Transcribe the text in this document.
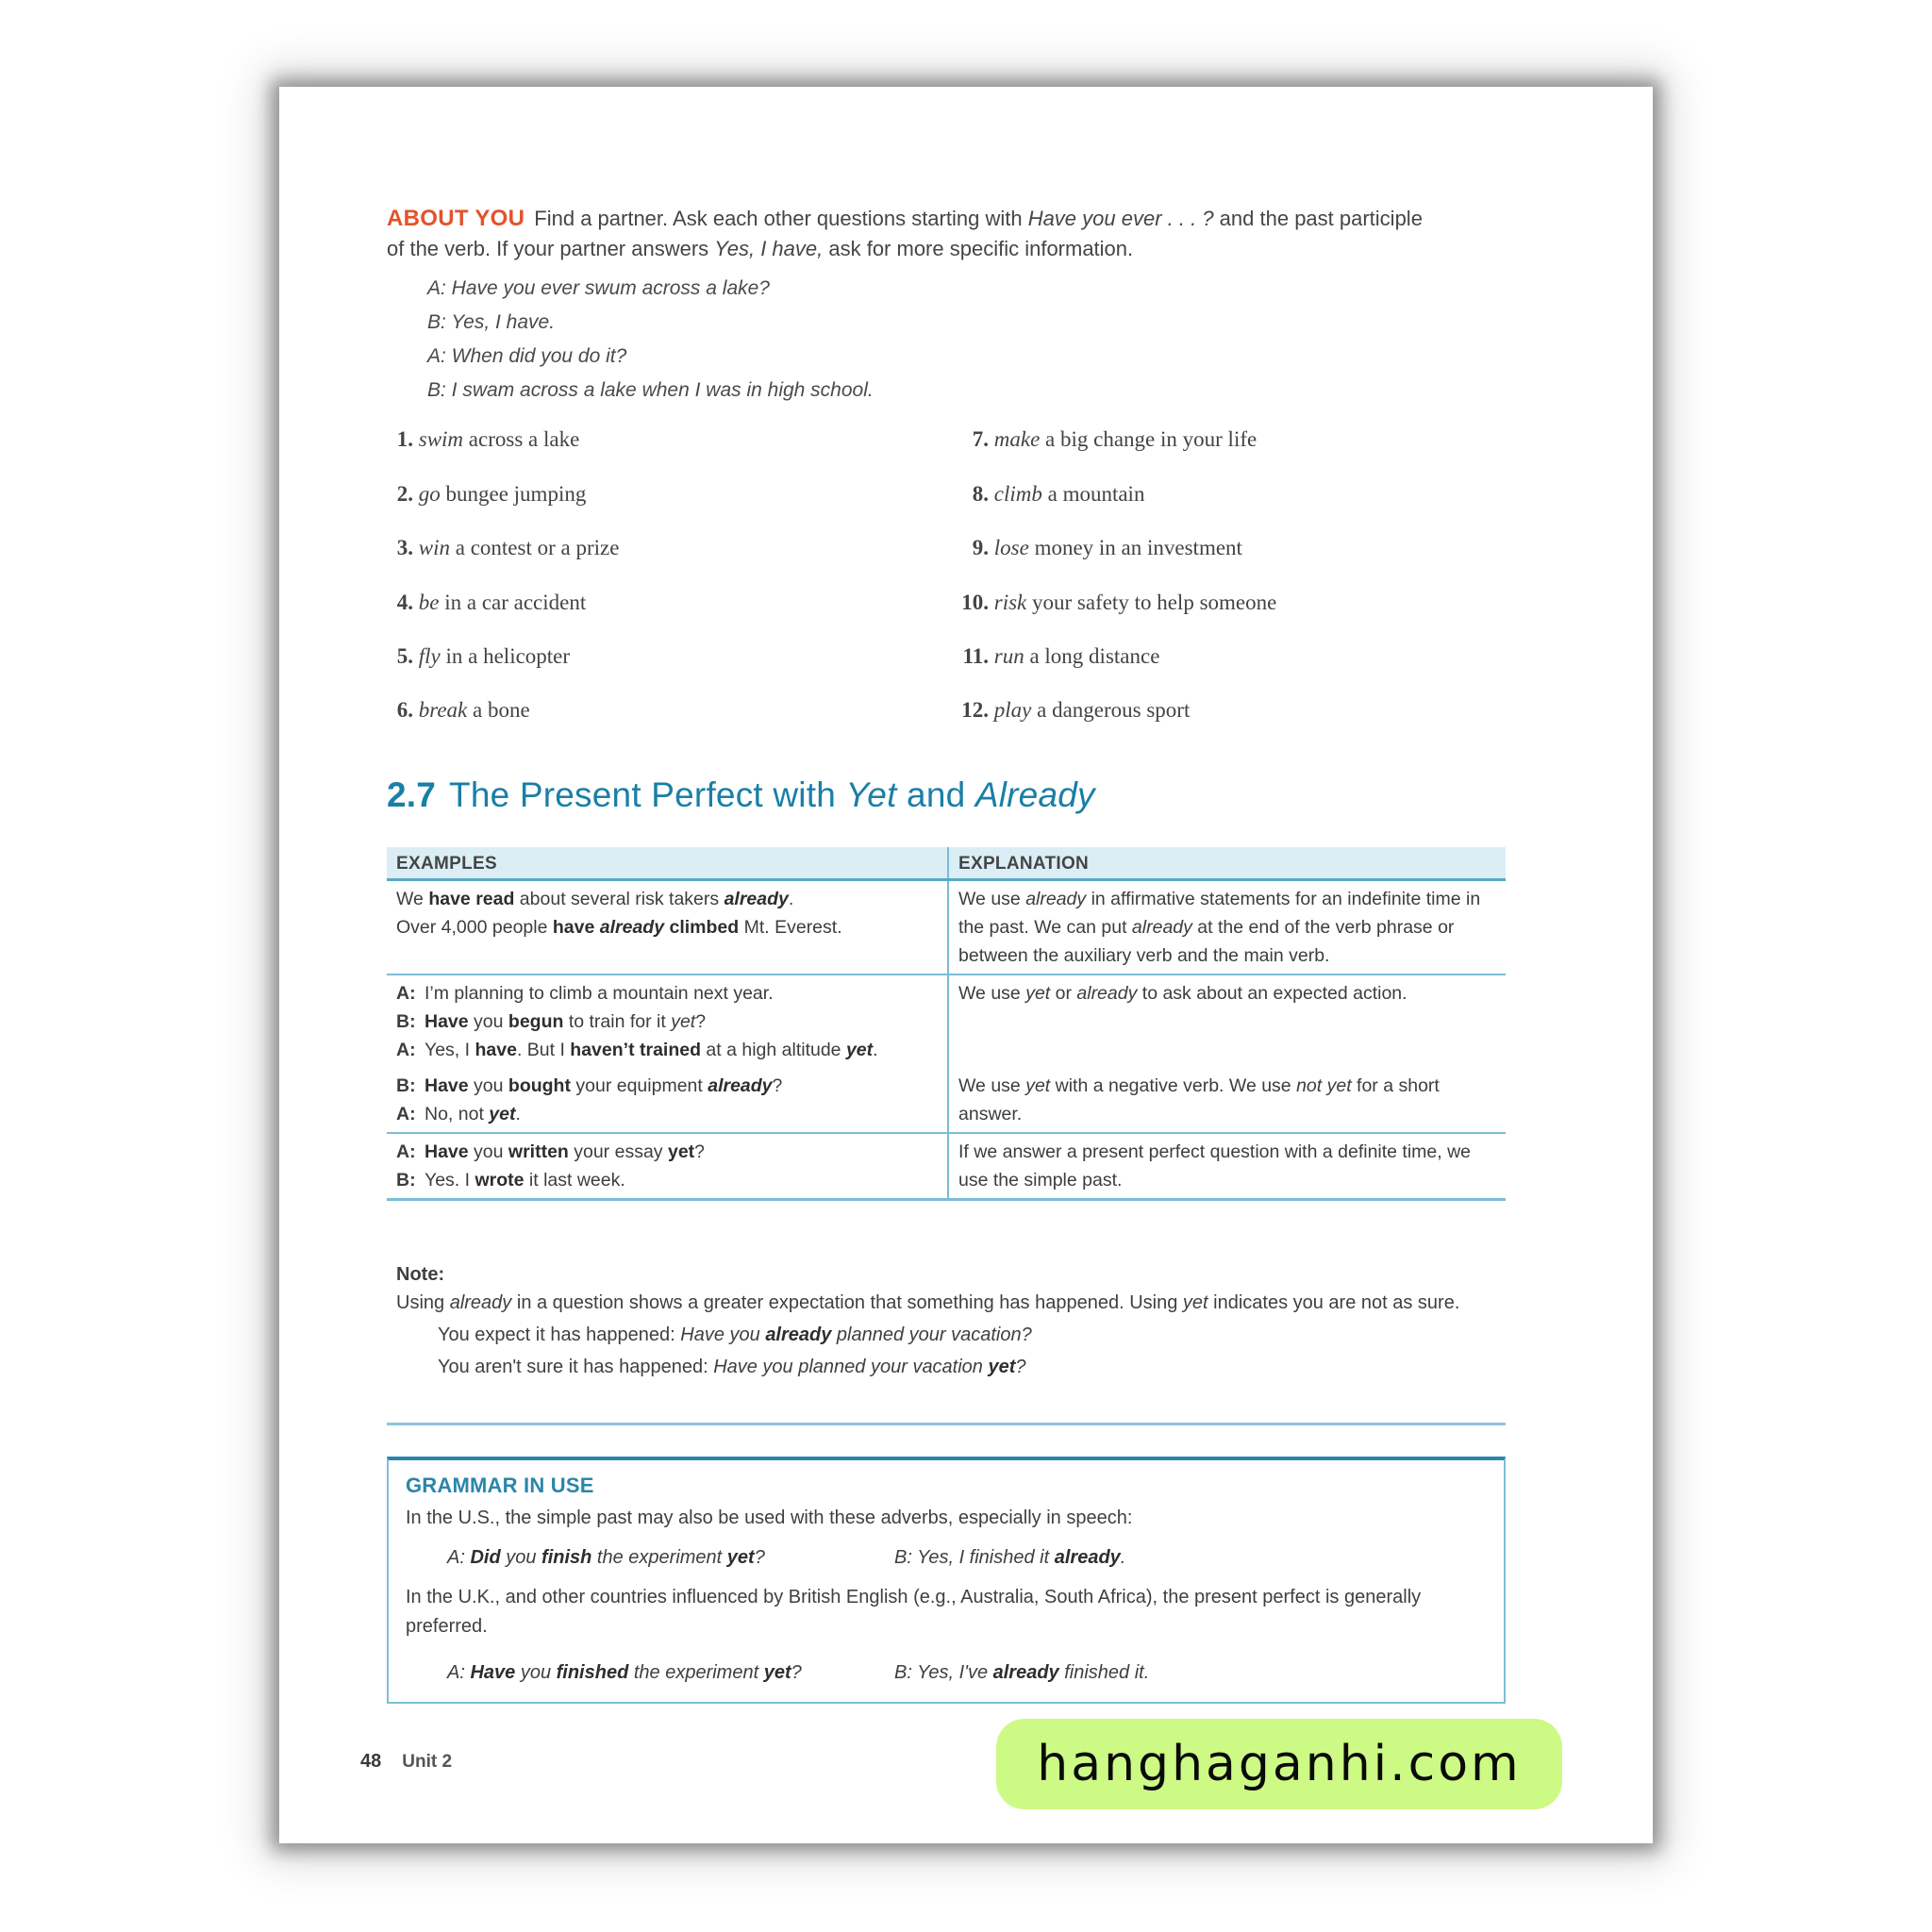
ABOUT YOU Find a partner. Ask each other questions starting with Have you ever . . . ? and the past participle of the verb. If your partner answers Yes, I have, ask for more specific information.
A: Have you ever swum across a lake?
B: Yes, I have.
A: When did you do it?
B: I swam across a lake when I was in high school.
1. swim across a lake
2. go bungee jumping
3. win a contest or a prize
4. be in a car accident
5. fly in a helicopter
6. break a bone
7. make a big change in your life
8. climb a mountain
9. lose money in an investment
10. risk your safety to help someone
11. run a long distance
12. play a dangerous sport
2.7 The Present Perfect with Yet and Already
EXAMPLES	EXPLANATION

We have read about several risk takers already.
Over 4,000 people have already climbed Mt. Everest.	We use already in affirmative statements for an indefinite time in the past. We can put already at the end of the verb phrase or between the auxiliary verb and the main verb.

A: I’m planning to climb a mountain next year.
B: Have you begun to train for it yet?
A: Yes, I have. But I haven’t trained at a high altitude yet.	We use yet or already to ask about an expected action.

B: Have you bought your equipment already?
A: No, not yet.	We use yet with a negative verb. We use not yet for a short answer.

A: Have you written your essay yet?
B: Yes. I wrote it last week.	If we answer a present perfect question with a definite time, we use the simple past.
Note:
Using already in a question shows a greater expectation that something has happened. Using yet indicates you are not as sure.
You expect it has happened: Have you already planned your vacation?
You aren't sure it has happened: Have you planned your vacation yet?
GRAMMAR IN USE
In the U.S., the simple past may also be used with these adverbs, especially in speech:
A: Did you finish the experiment yet?	B: Yes, I finished it already.
In the U.K., and other countries influenced by British English (e.g., Australia, South Africa), the present perfect is generally preferred.
A: Have you finished the experiment yet?	B: Yes, I've already finished it.
48 Unit 2	hanghaganhi.com
